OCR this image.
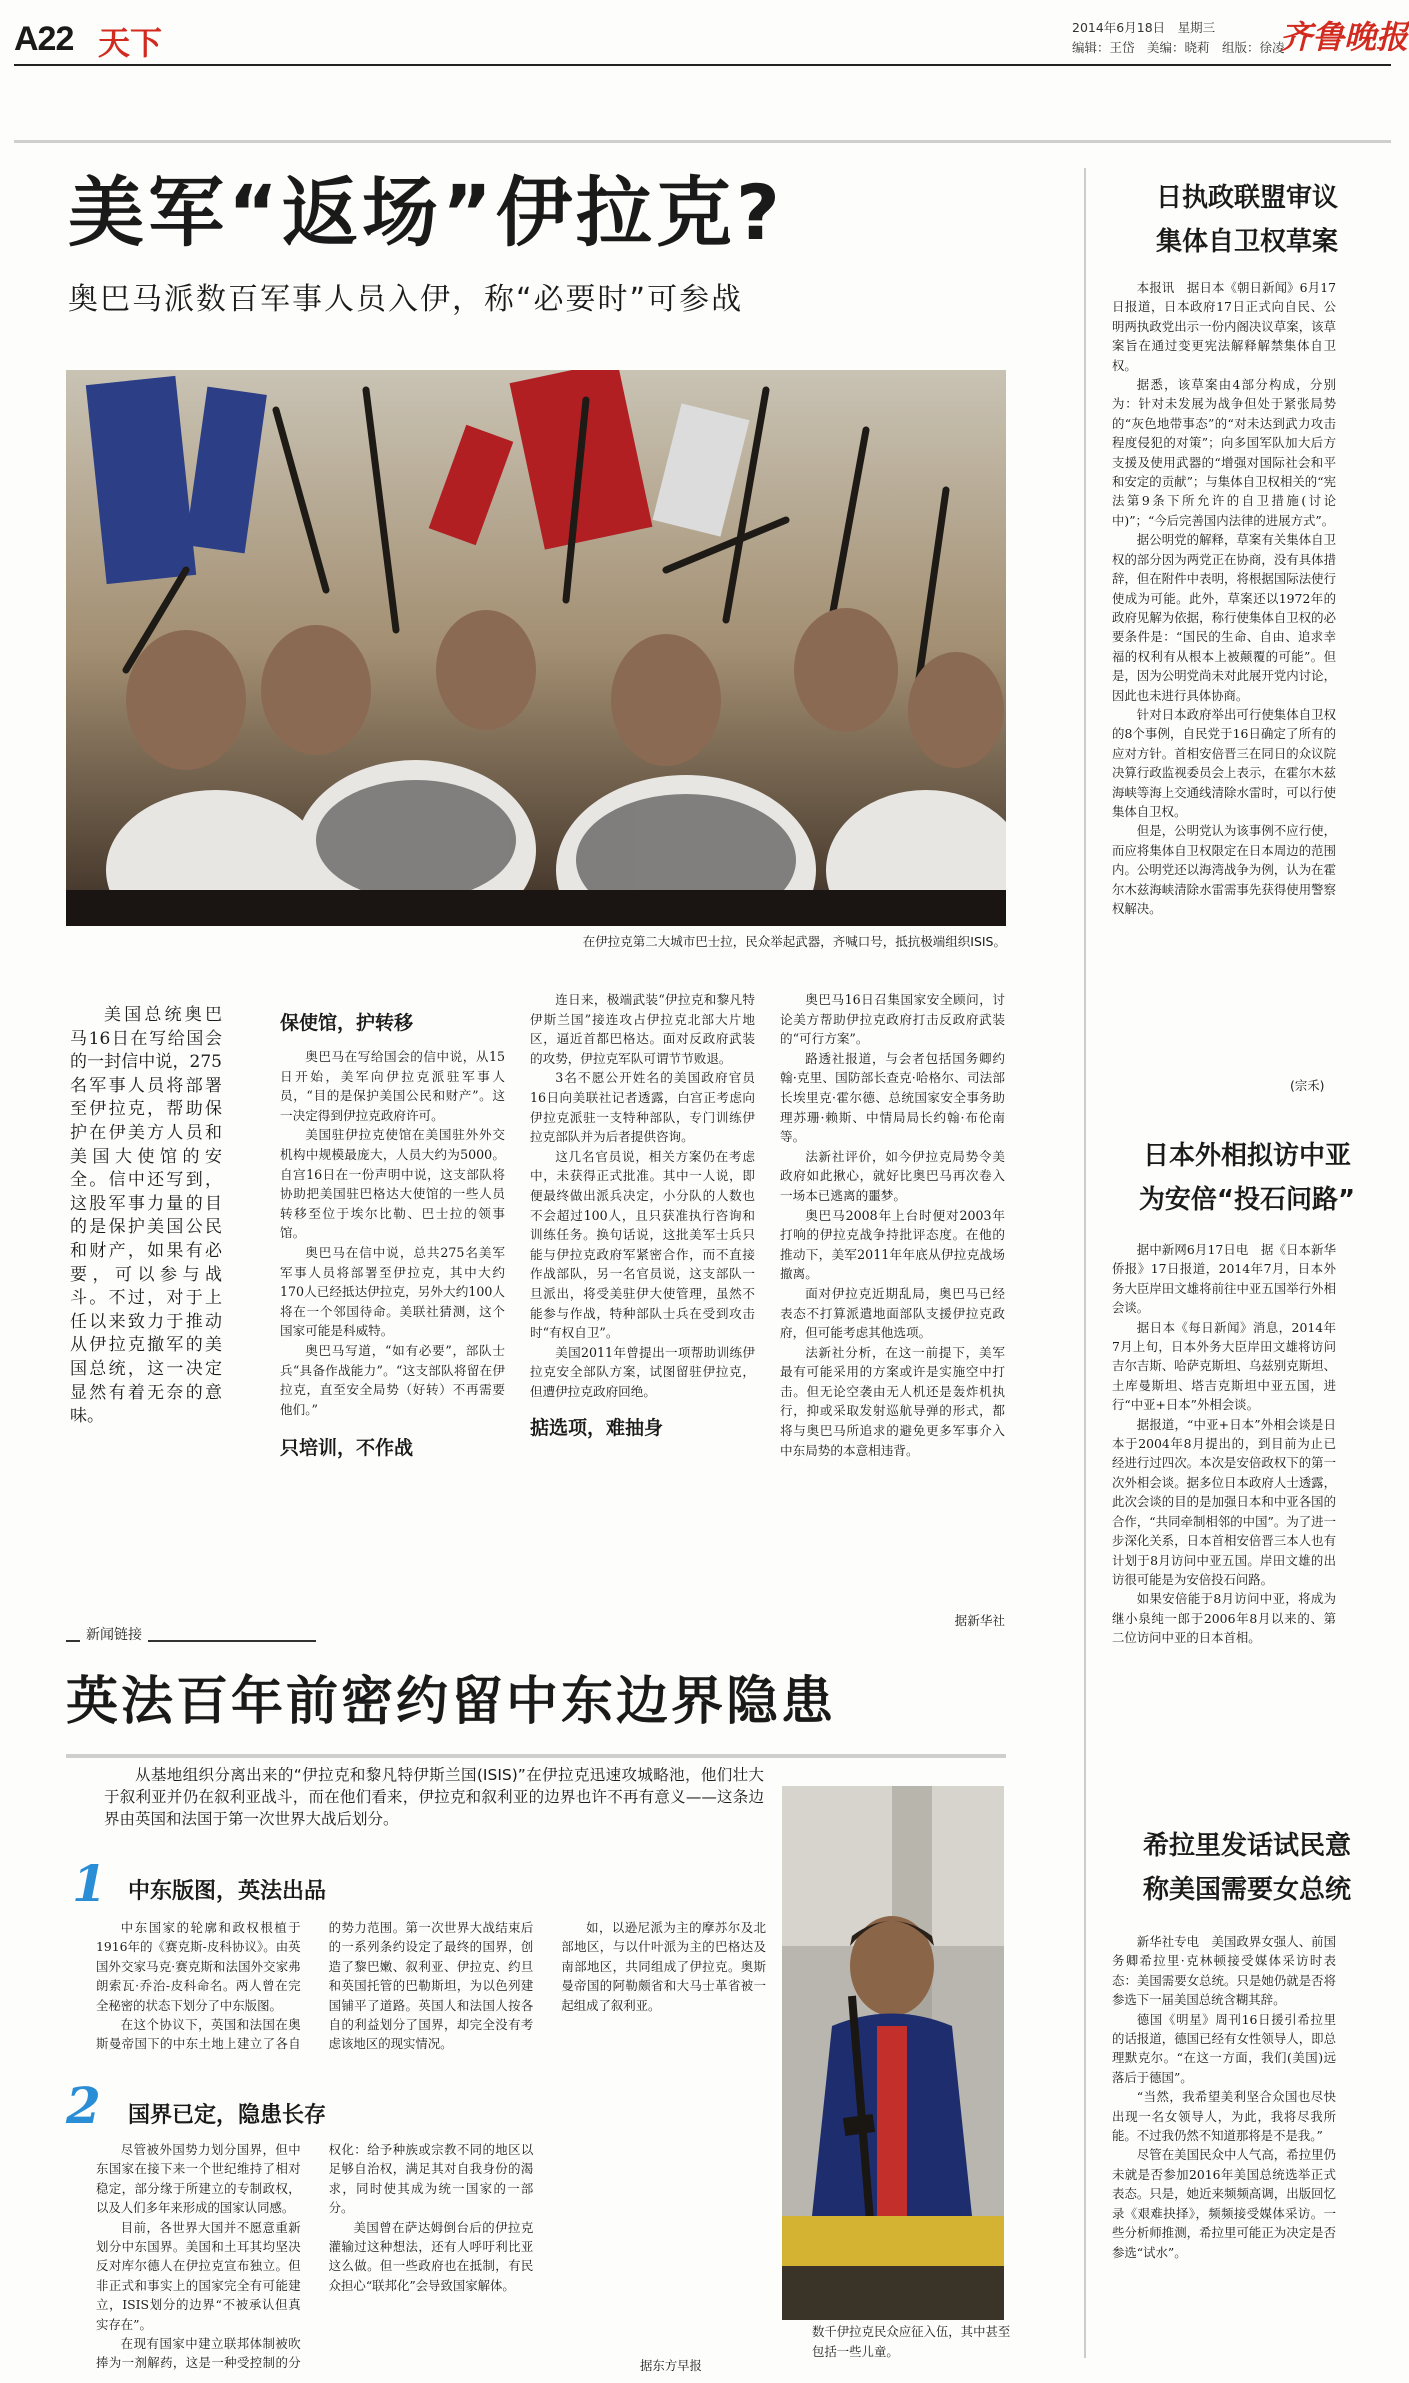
A22 天下	2014年6月18日　星期三
编辑：王岱　美编：晓莉　组版：徐凌
齐鲁晚报
美军“返场”伊拉克?
奥巴马派数百军事人员入伊，称“必要时”可参战
在伊拉克第二大城市巴士拉，民众举起武器，齐喊口号，抵抗极端组织ISIS。
美国总统奥巴马16日在写给国会的一封信中说，275名军事人员将部署至伊拉克，帮助保护在伊美方人员和美国大使馆的安全。信中还写到，这股军事力量的目的是保护美国公民和财产，如果有必要，可以参与战斗。不过，对于上任以来致力于推动从伊拉克撤军的美国总统，这一决定显然有着无奈的意味。
保使馆，护转移

奥巴马在写给国会的信中说，从15日开始，美军向伊拉克派驻军事人员，“目的是保护美国公民和财产”。这一决定得到伊拉克政府许可。

美国驻伊拉克使馆在美国驻外外交机构中规模最庞大，人员大约为5000。自宫16日在一份声明中说，这支部队将协助把美国驻巴格达大使馆的一些人员转移至位于埃尔比勒、巴士拉的领事馆。

奥巴马在信中说，总共275名美军军事人员将部署至伊拉克，其中大约170人已经抵达伊拉克，另外大约100人将在一个邻国待命。美联社猜测，这个国家可能是科威特。

奥巴马写道，“如有必要”，部队士兵“具备作战能力”。“这支部队将留在伊拉克，直至安全局势（好转）不再需要他们。”

只培训，不作战

连日来，极端武装“伊拉克和黎凡特伊斯兰国”接连攻占伊拉克北部大片地区，逼近首都巴格达。面对反政府武装的攻势，伊拉克军队可谓节节败退。

3名不愿公开姓名的美国政府官员16日向美联社记者透露，白宫正考虑向伊拉克派驻一支特种部队，专门训练伊拉克部队并为后者提供咨询。

这几名官员说，相关方案仍在考虑中，未获得正式批准。其中一人说，即便最终做出派兵决定，小分队的人数也不会超过100人，且只获准执行咨询和训练任务。换句话说，这批美军士兵只能与伊拉克政府军紧密合作，而不直接作战部队，另一名官员说，这支部队一旦派出，将受美驻伊大使管理，虽然不能参与作战，特种部队士兵在受到攻击时“有权自卫”。

美国2011年曾提出一项帮助训练伊拉克安全部队方案，试图留驻伊拉克，但遭伊拉克政府回绝。

掂选项，难抽身

奥巴马16日召集国家安全顾问，讨论美方帮助伊拉克政府打击反政府武装的“可行方案”。

路透社报道，与会者包括国务卿约翰·克里、国防部长查克·哈格尔、司法部长埃里克·霍尔德、总统国家安全事务助理苏珊·赖斯、中情局局长约翰·布伦南等。

法新社评价，如今伊拉克局势令美政府如此揪心，就好比奥巴马再次卷入一场本已逃离的噩梦。

奥巴马2008年上台时便对2003年打响的伊拉克战争持批评态度。在他的推动下，美军2011年年底从伊拉克战场撤离。

面对伊拉克近期乱局，奥巴马已经表态不打算派遣地面部队支援伊拉克政府，但可能考虑其他选项。

法新社分析，在这一前提下，美军最有可能采用的方案或许是实施空中打击。但无论空袭由无人机还是轰炸机执行，抑或采取发射巡航导弹的形式，都将与奥巴马所追求的避免更多军事介入中东局势的本意相违背。

据新华社
新闻链接
英法百年前密约留中东边界隐患
从基地组织分离出来的“伊拉克和黎凡特伊斯兰国(ISIS)”在伊拉克迅速攻城略池，他们壮大于叙利亚并仍在叙利亚战斗，而在他们看来，伊拉克和叙利亚的边界也许不再有意义——这条边界由英国和法国于第一次世界大战后划分。
1 中东版图，英法出品

中东国家的轮廓和政权根植于1916年的《赛克斯-皮科协议》。由英国外交家马克·赛克斯和法国外交家弗朗索瓦·乔治-皮科命名。两人曾在完全秘密的状态下划分了中东版图。

在这个协议下，英国和法国在奥斯曼帝国下的中东土地上建立了各自的势力范围。第一次世界大战结束后的一系列条约设定了最终的国界，创造了黎巴嫩、叙利亚、伊拉克、约旦和英国托管的巴勒斯坦，为以色列建国铺平了道路。英国人和法国人按各自的利益划分了国界，却完全没有考虑该地区的现实情况。

如，以逊尼派为主的摩苏尔及北部地区，与以什叶派为主的巴格达及南部地区，共同组成了伊拉克。奥斯曼帝国的阿勒颇省和大马士革省被一起组成了叙利亚。

2 国界已定，隐患长存

尽管被外国势力划分国界，但中东国家在接下来一个世纪维持了相对稳定，部分缘于所建立的专制政权，以及人们多年来形成的国家认同感。

目前，各世界大国并不愿意重新划分中东国界。美国和土耳其均坚决反对库尔德人在伊拉克宣布独立。但非正式和事实上的国家完全有可能建立，ISIS划分的边界“不被承认但真实存在”。

在现有国家中建立联邦体制被吹捧为一剂解药，这是一种受控制的分权化：给予种族或宗教不同的地区以足够自治权，满足其对自我身份的渴求，同时使其成为统一国家的一部分。

美国曾在萨达姆倒台后的伊拉克灌输过这种想法，还有人呼吁利比亚这么做。但一些政府也在抵制，有民众担心“联邦化”会导致国家解体。

据东方早报
数千伊拉克民众应征入伍，其中甚至包括一些儿童。
日执政联盟审议
集体自卫权草案

本报讯　据日本《朝日新闻》6月17日报道，日本政府17日正式向自民、公明两执政党出示一份内阁决议草案，该草案旨在通过变更宪法解释解禁集体自卫权。

据悉，该草案由4部分构成，分别为：针对未发展为战争但处于紧张局势的“灰色地带事态”的“对未达到武力攻击程度侵犯的对策”；向多国军队加大后方支援及使用武器的“增强对国际社会和平和安定的贡献”；与集体自卫权相关的“宪法第9条下所允许的自卫措施(讨论中)”；“今后完善国内法律的进展方式”。

据公明党的解释，草案有关集体自卫权的部分因为两党正在协商，没有具体措辞，但在附件中表明，将根据国际法使行使成为可能。此外，草案还以1972年的政府见解为依据，称行使集体自卫权的必要条件是：“国民的生命、自由、追求幸福的权利有从根本上被颠覆的可能”。但是，因为公明党尚未对此展开党内讨论，因此也未进行具体协商。

针对日本政府举出可行使集体自卫权的8个事例，自民党于16日确定了所有的应对方针。首相安倍晋三在同日的众议院决算行政监视委员会上表示，在霍尔木兹海峡等海上交通线清除水雷时，可以行使集体自卫权。

但是，公明党认为该事例不应行使，而应将集体自卫权限定在日本周边的范围内。公明党还以海湾战争为例，认为在霍尔木兹海峡清除水雷需事先获得使用警察权解决。

(宗禾)
日本外相拟访中亚
为安倍“投石问路”

据中新网6月17日电　据《日本新华侨报》17日报道，2014年7月，日本外务大臣岸田文雄将前往中亚五国举行外相会谈。

据日本《每日新闻》消息，2014年7月上旬，日本外务大臣岸田文雄将访问吉尔吉斯、哈萨克斯坦、乌兹别克斯坦、土库曼斯坦、塔吉克斯坦中亚五国，进行“中亚+日本”外相会谈。

据报道，“中亚+日本”外相会谈是日本于2004年8月提出的，到目前为止已经进行过四次。本次是安倍政权下的第一次外相会谈。据多位日本政府人士透露，此次会谈的目的是加强日本和中亚各国的合作，“共同牵制相邻的中国”。为了进一步深化关系，日本首相安倍晋三本人也有计划于8月访问中亚五国。岸田文雄的出访很可能是为安倍投石问路。

如果安倍能于8月访问中亚，将成为继小泉纯一郎于2006年8月以来的、第二位访问中亚的日本首相。

希拉里发话试民意
称美国需要女总统

新华社专电　美国政界女强人、前国务卿希拉里·克林顿接受媒体采访时表态：美国需要女总统。只是她仍就是否将参选下一届美国总统含糊其辞。

德国《明星》周刊16日援引希拉里的话报道，德国已经有女性领导人，即总理默克尔。“在这一方面，我们(美国)远落后于德国”。

“当然，我希望美利坚合众国也尽快出现一名女领导人，为此，我将尽我所能。不过我仍然不知道那将是不是我。”

尽管在美国民众中人气高，希拉里仍未就是否参加2016年美国总统选举正式表态。只是，她近来频频高调，出版回忆录《艰难抉择》，频频接受媒体采访。一些分析师推测，希拉里可能正为决定是否参选“试水”。
